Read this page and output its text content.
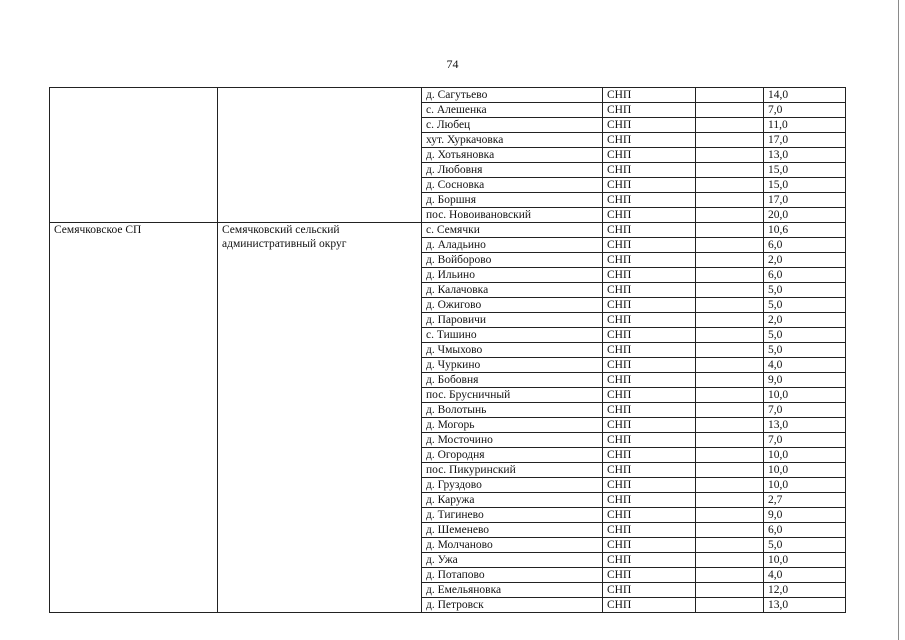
74
		д. Сагутьево	СНП		14,0
		с. Алешенка	СНП		7,0
		с. Любец	СНП		11,0
		хут. Хуркачовка	СНП		17,0
		д. Хотьяновка	СНП		13,0
		д. Любовня	СНП		15,0
		д. Сосновка	СНП		15,0
		д. Боршня	СНП		17,0
		пос. Новоивановский	СНП		20,0
Семячковское СП	Семячковский сельский административный округ	с. Семячки	СНП		10,6
		д. Аладьино	СНП		6,0
		д. Войборово	СНП		2,0
		д. Ильино	СНП		6,0
		д. Калачовка	СНП		5,0
		д. Ожигово	СНП		5,0
		д. Паровичи	СНП		2,0
		с. Тишино	СНП		5,0
		д. Чмыхово	СНП		5,0
		д. Чуркино	СНП		4,0
		д. Бобовня	СНП		9,0
		пос. Брусничный	СНП		10,0
		д. Волотынь	СНП		7,0
		д. Могорь	СНП		13,0
		д. Мосточино	СНП		7,0
		д. Огородня	СНП		10,0
		пос. Пикуринский	СНП		10,0
		д. Груздово	СНП		10,0
		д. Каружа	СНП		2,7
		д. Тигинево	СНП		9,0
		д. Шеменево	СНП		6,0
		д. Молчаново	СНП		5,0
		д. Ужа	СНП		10,0
		д. Потапово	СНП		4,0
		д. Емельяновка	СНП		12,0
		д. Петровск	СНП		13,0
